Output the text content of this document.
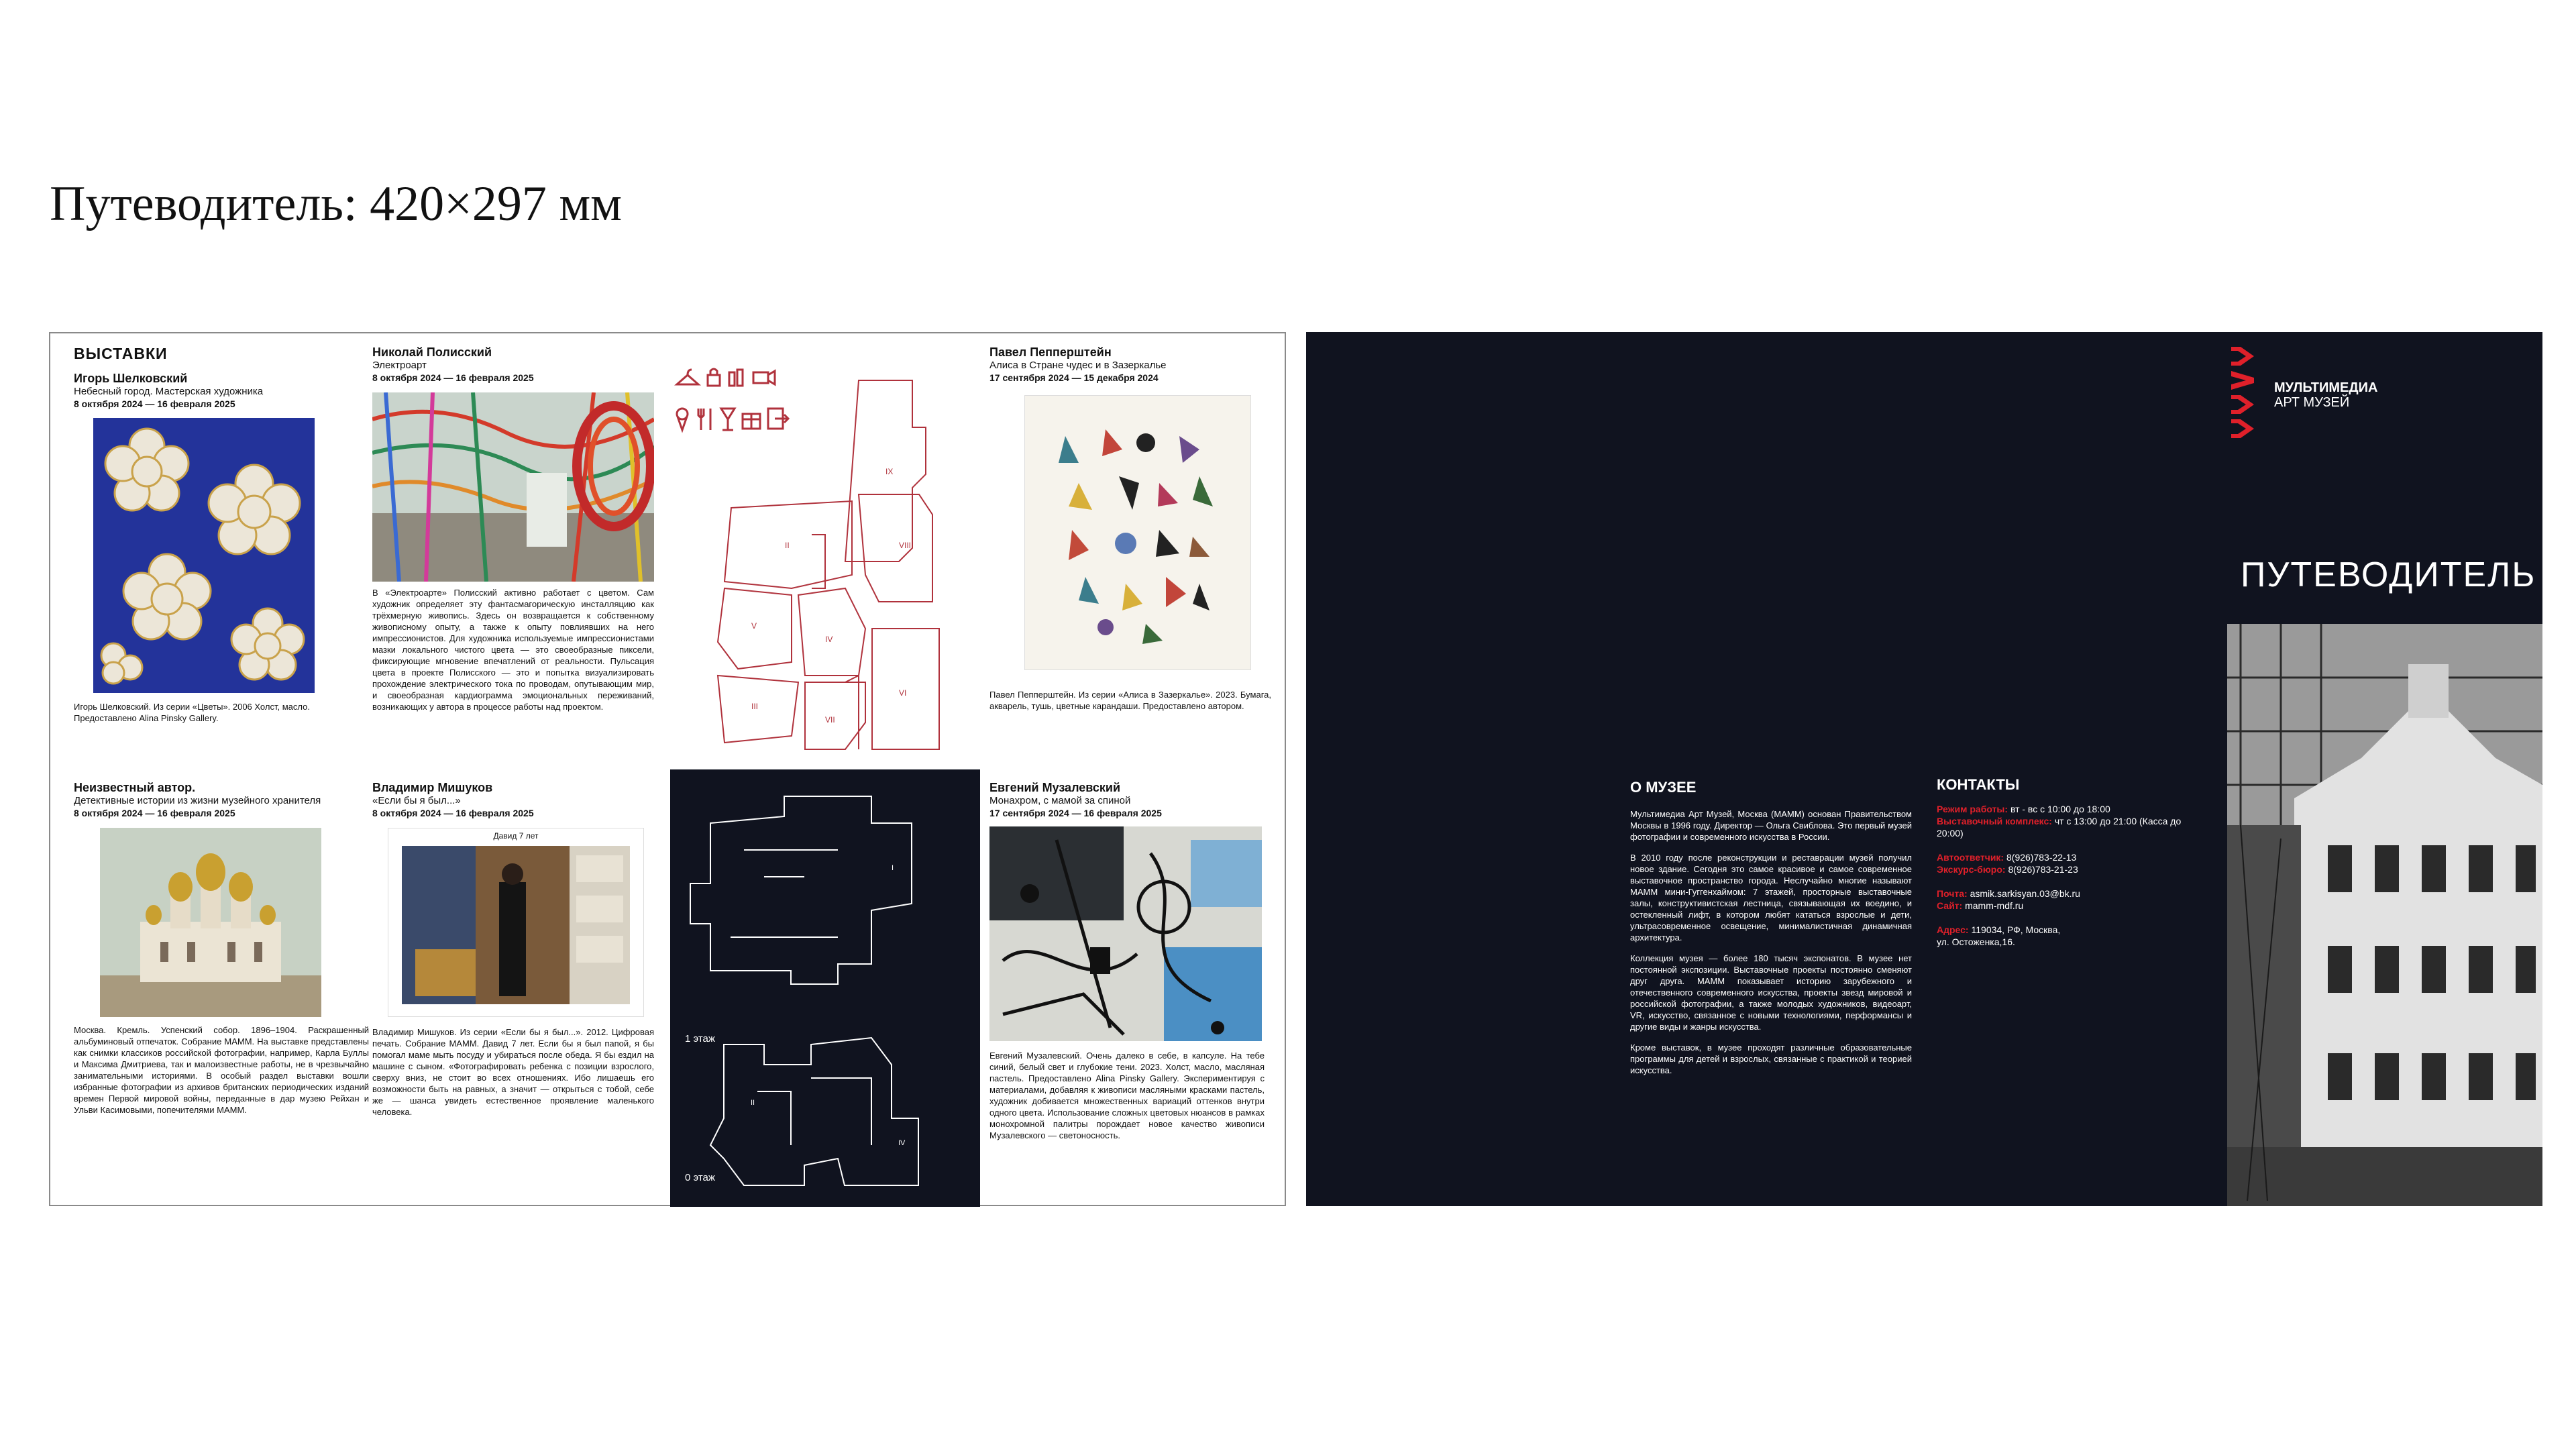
Путеводитель: 420×297 мм
ВЫСТАВКИ
Игорь Шелковский
Небесный город. Мастерская художника
8 октября 2024 — 16 февраля 2025
Игорь Шелковский. Из серии «Цветы». 2006 Холст, масло. Предоставлено Alina Pinsky Gallery.
Николай Полисский
Электроарт
8 октября 2024 — 16 февраля 2025
В «Электроарте» Полисский активно работает с цветом. Сам художник определяет эту фантасмагорическую инсталляцию как трёхмерную живопись. Здесь он возвращается к собственному живописному опыту, а также к опыту повлиявших на него импрессионистов. Для художника используемые импрессионистами мазки локального чистого цвета — это своеобразные пиксели, фиксирующие мгновение впечатлений от реальности. Пульсация цвета в проекте Полисского — это и попытка визуализировать прохождение электрического тока по проводам, опутывающим мир, и своеобразная кардиограмма эмоциональных переживаний, возникающих у автора в процессе работы над проектом.
IX
II	VIII
V
IV
III
VI
VII
Павел Пепперштейн
Алиса в Стране чудес и в Зазеркалье
17 сентября 2024 — 15 декабря 2024
Павел Пепперштейн. Из серии «Алиса в Зазеркалье». 2023. Бумага, акварель, тушь, цветные карандаши. Предоставлено автором.
Неизвестный автор.
Детективные истории из жизни музейного хранителя
8 октября 2024 — 16 февраля 2025
Москва. Кремль. Успенский собор. 1896–1904. Раскрашенный альбуминовый отпечаток. Собрание МАММ. На выставке представлены как снимки классиков российской фотографии, например, Карла Буллы и Максима Дмитриева, так и малоизвестные работы, не в чрезвычайно занимательными историями. В особый раздел выставки вошли избранные фотографии из архивов британских периодических изданий времен Первой мировой войны, переданные в дар музею Рейхан и Ульви Касимовыми, попечителями МАММ.
Владимир Мишуков
«Если бы я был...»
8 октября 2024 — 16 февраля 2025
Давид 7 лет
Владимир Мишуков. Из серии «Если бы я был...». 2012. Цифровая печать. Собрание МАММ. Давид 7 лет. Если бы я был папой, я бы помогал маме мыть посуду и убираться после обеда. Я бы ездил на машине с сыном. «Фотографировать ребенка с позиции взрослого, сверху вниз, не стоит во всех отношениях. Ибо лишаешь его возможности быть на равных, а значит — открыться с тобой, себе же — шанса увидеть естественное проявление маленького человека.
I
II
IV
1 этаж
0 этаж
Евгений Музалевский
Монахром, с мамой за спиной
17 сентября 2024 — 16 февраля 2025
Евгений Музалевский. Очень далеко в себе, в капсуле. На тебе синий, белый свет и глубокие тени. 2023. Холст, масло, масляная пастель. Предоставлено Alina Pinsky Gallery. Экспериментируя с материалами, добавляя к живописи масляными красками пастель, художник добивается множественных вариаций оттенков внутри одного цвета. Использование сложных цветовых нюансов в рамках монохромной палитры порождает новое качество живописи Музалевского — светоносность.
О МУЗЕЕ
Мультимедиа Арт Музей, Москва (МАММ) основан Правительством Москвы в 1996 году. Директор — Ольга Свиблова. Это первый музей фотографии и современного искусства в России.
В 2010 году после реконструкции и реставрации музей получил новое здание. Сегодня это самое красивое и самое современное выставочное пространство города. Неслучайно многие называют МАММ мини-Гуггенхаймом: 7 этажей, просторные выставочные залы, конструктивистская лестница, связывающая их воедино, и остекленный лифт, в котором любят кататься взрослые и дети, ультрасовременное освещение, минималистичная динамичная архитектура.
Коллекция музея — более 180 тысяч экспонатов. В музее нет постоянной экспозиции. Выставочные проекты постоянно сменяют друг друга. МАММ показывает историю зарубежного и отечественного современного искусства, проекты звезд мировой и российской фотографии, а также молодых художников, видеоарт, VR, искусство, связанное с новыми технологиями, перформансы и другие виды и жанры искусства.
Кроме выставок, в музее проходят различные образовательные программы для детей и взрослых, связанные с практикой и теорией искусства.
КОНТАКТЫ
Режим работы: вт - вс с 10:00 до 18:00
Выставочный комплекс: чт с 13:00 до 21:00 (Касса до 20:00)
Автоответчик: 8(926)783-22-13
Экскурс-бюро: 8(926)783-21-23
Почта: asmik.sarkisyan.03@bk.ru
Сайт: mamm-mdf.ru
Адрес: 119034, РФ, Москва, ул. Остоженка,16.
МУЛЬТИМЕДИА
АРТ МУЗЕЙ
ПУТЕВОДИТЕЛЬ
